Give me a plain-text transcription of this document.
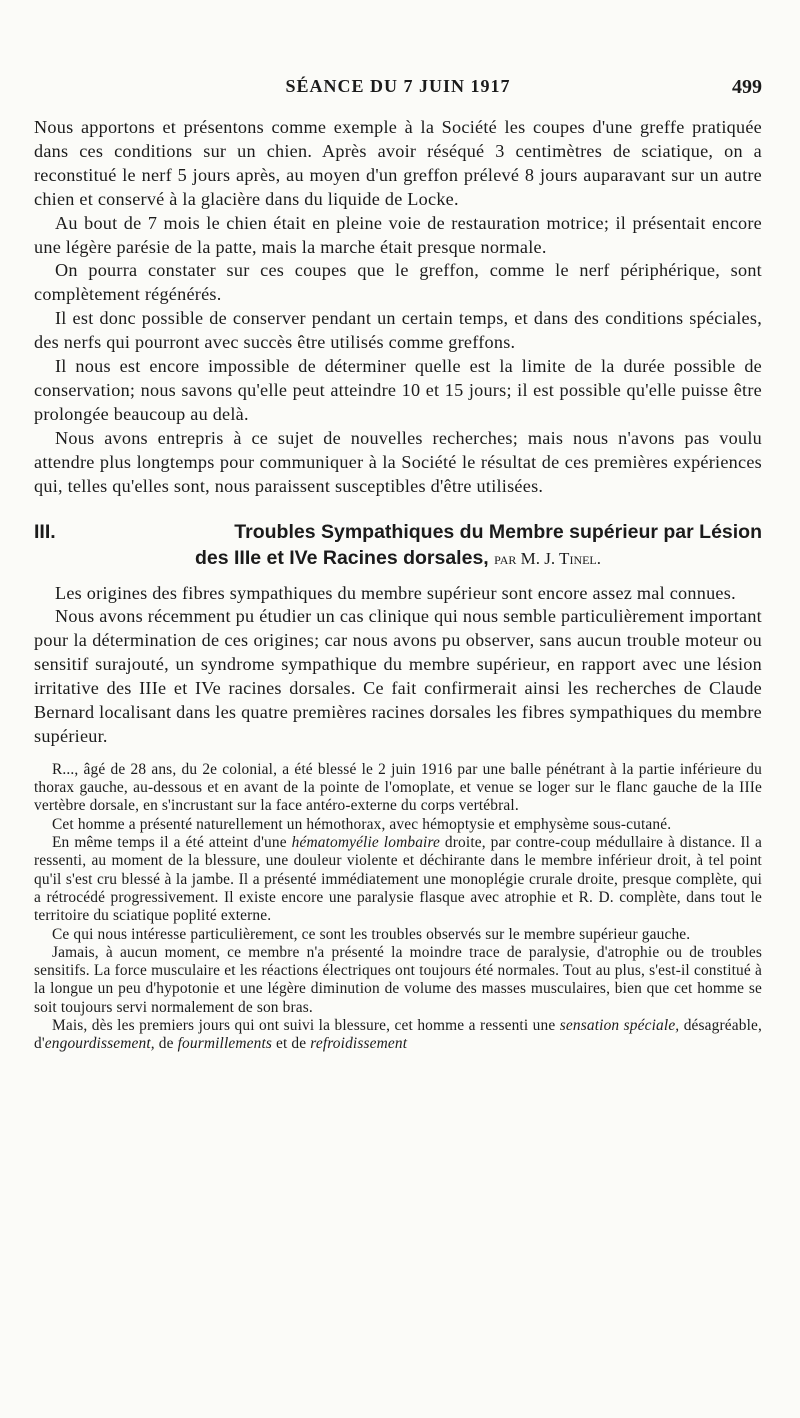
SÉANCE DU 7 JUIN 1917	499

Nous apportons et présentons comme exemple à la Société les coupes d'une greffe pratiquée dans ces conditions sur un chien. Après avoir réséqué 3 centimètres de sciatique, on a reconstitué le nerf 5 jours après, au moyen d'un greffon prélevé 8 jours auparavant sur un autre chien et conservé à la glacière dans du liquide de Locke.

Au bout de 7 mois le chien était en pleine voie de restauration motrice; il présentait encore une légère parésie de la patte, mais la marche était presque normale.

On pourra constater sur ces coupes que le greffon, comme le nerf périphérique, sont complètement régénérés.

Il est donc possible de conserver pendant un certain temps, et dans des conditions spéciales, des nerfs qui pourront avec succès être utilisés comme greffons.

Il nous est encore impossible de déterminer quelle est la limite de la durée possible de conservation; nous savons qu'elle peut atteindre 10 et 15 jours; il est possible qu'elle puisse être prolongée beaucoup au delà.

Nous avons entrepris à ce sujet de nouvelles recherches; mais nous n'avons pas voulu attendre plus longtemps pour communiquer à la Société le résultat de ces premières expériences qui, telles qu'elles sont, nous paraissent susceptibles d'être utilisées.

III.	Troubles Sympathiques du Membre supérieur par Lésion
des IIIe et IVe Racines dorsales, par M. J. Tinel.

Les origines des fibres sympathiques du membre supérieur sont encore assez mal connues.

Nous avons récemment pu étudier un cas clinique qui nous semble particulièrement important pour la détermination de ces origines; car nous avons pu observer, sans aucun trouble moteur ou sensitif surajouté, un syndrome sympathique du membre supérieur, en rapport avec une lésion irritative des IIIe et IVe racines dorsales. Ce fait confirmerait ainsi les recherches de Claude Bernard localisant dans les quatre premières racines dorsales les fibres sympathiques du membre supérieur.

R..., âgé de 28 ans, du 2e colonial, a été blessé le 2 juin 1916 par une balle pénétrant à la partie inférieure du thorax gauche, au-dessous et en avant de la pointe de l'omoplate, et venue se loger sur le flanc gauche de la IIIe vertèbre dorsale, en s'incrustant sur la face antéro-externe du corps vertébral.

Cet homme a présenté naturellement un hémothorax, avec hémoptysie et emphysème sous-cutané.

En même temps il a été atteint d'une hématomyélie lombaire droite, par contre-coup médullaire à distance. Il a ressenti, au moment de la blessure, une douleur violente et déchirante dans le membre inférieur droit, à tel point qu'il s'est cru blessé à la jambe. Il a présenté immédiatement une monoplégie crurale droite, presque complète, qui a rétrocédé progressivement. Il existe encore une paralysie flasque avec atrophie et R. D. complète, dans tout le territoire du sciatique poplité externe.

Ce qui nous intéresse particulièrement, ce sont les troubles observés sur le membre supérieur gauche.

Jamais, à aucun moment, ce membre n'a présenté la moindre trace de paralysie, d'atrophie ou de troubles sensitifs. La force musculaire et les réactions électriques ont toujours été normales. Tout au plus, s'est-il constitué à la longue un peu d'hypotonie et une légère diminution de volume des masses musculaires, bien que cet homme se soit toujours servi normalement de son bras.

Mais, dès les premiers jours qui ont suivi la blessure, cet homme a ressenti une sensation spéciale, désagréable, d'engourdissement, de fourmillements et de refroidissement
